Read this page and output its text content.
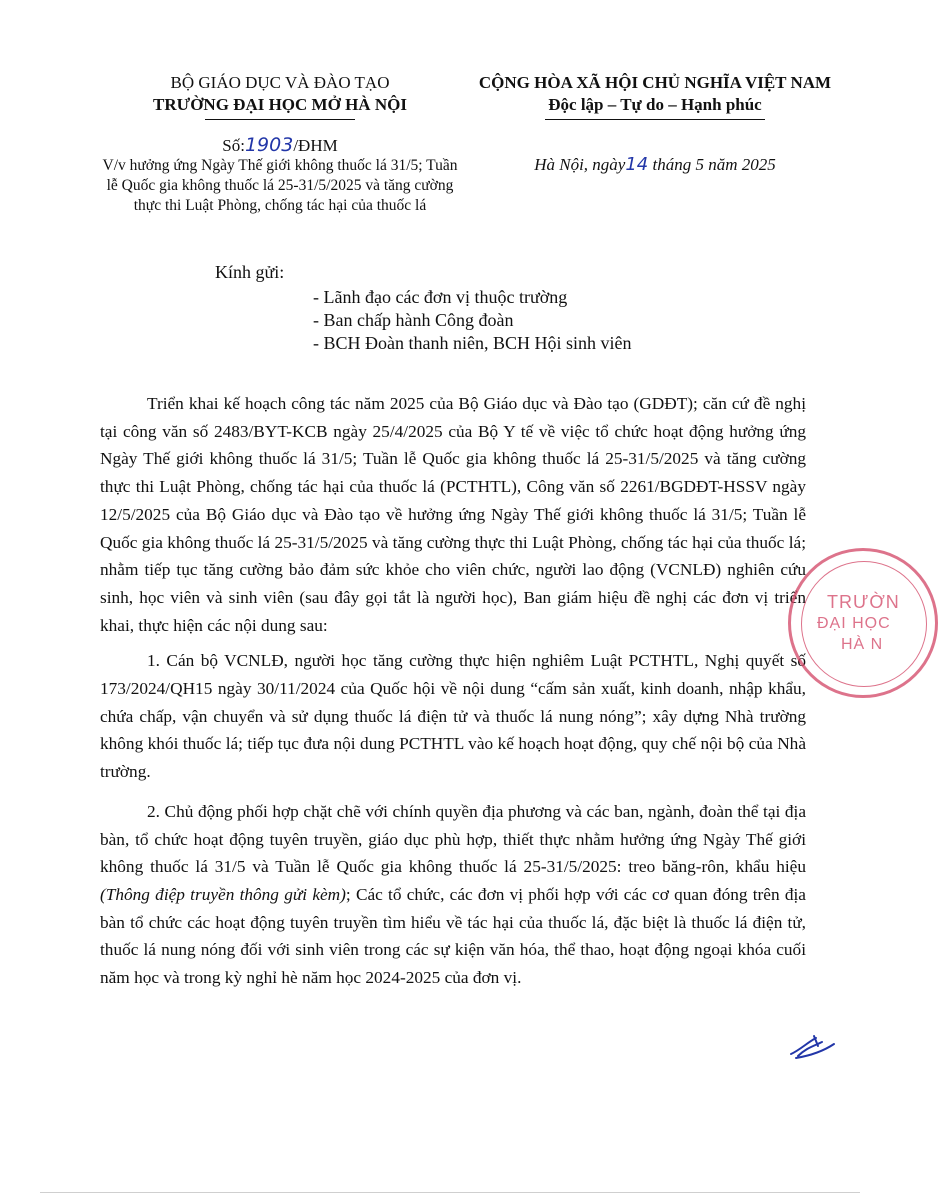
BỘ GIÁO DỤC VÀ ĐÀO TẠO
TRƯỜNG ĐẠI HỌC MỞ HÀ NỘI
CỘNG HÒA XÃ HỘI CHỦ NGHĨA VIỆT NAM
Độc lập – Tự do – Hạnh phúc
Số:1903/ĐHM
V/v hưởng ứng Ngày Thế giới không thuốc lá 31/5; Tuần lễ Quốc gia không thuốc lá 25-31/5/2025 và tăng cường thực thi Luật Phòng, chống tác hại của thuốc lá
Hà Nội, ngày14 tháng 5 năm 2025
Kính gửi:
- Lãnh đạo các đơn vị thuộc trường
- Ban chấp hành Công đoàn
- BCH Đoàn thanh niên, BCH Hội sinh viên

Triển khai kế hoạch công tác năm 2025 của Bộ Giáo dục và Đào tạo (GDĐT); căn cứ đề nghị tại công văn số 2483/BYT-KCB ngày 25/4/2025 của Bộ Y tế về việc tổ chức hoạt động hưởng ứng Ngày Thế giới không thuốc lá 31/5; Tuần lễ Quốc gia không thuốc lá 25-31/5/2025 và tăng cường thực thi Luật Phòng, chống tác hại của thuốc lá (PCTHTL), Công văn số 2261/BGDĐT-HSSV ngày 12/5/2025 của Bộ Giáo dục và Đào tạo về hưởng ứng Ngày Thế giới không thuốc lá 31/5; Tuần lễ Quốc gia không thuốc lá 25-31/5/2025 và tăng cường thực thi Luật Phòng, chống tác hại của thuốc lá; nhằm tiếp tục tăng cường bảo đảm sức khỏe cho viên chức, người lao động (VCNLĐ) nghiên cứu sinh, học viên và sinh viên (sau đây gọi tắt là người học), Ban giám hiệu đề nghị các đơn vị triển khai, thực hiện các nội dung sau:

1. Cán bộ VCNLĐ, người học tăng cường thực hiện nghiêm Luật PCTHTL, Nghị quyết số 173/2024/QH15 ngày 30/11/2024 của Quốc hội về nội dung “cấm sản xuất, kinh doanh, nhập khẩu, chứa chấp, vận chuyển và sử dụng thuốc lá điện tử và thuốc lá nung nóng”; xây dựng Nhà trường không khói thuốc lá; tiếp tục đưa nội dung PCTHTL vào kế hoạch hoạt động, quy chế nội bộ của Nhà trường.

2. Chủ động phối hợp chặt chẽ với chính quyền địa phương và các ban, ngành, đoàn thể tại địa bàn, tổ chức hoạt động tuyên truyền, giáo dục phù hợp, thiết thực nhằm hưởng ứng Ngày Thế giới không thuốc lá 31/5 và Tuần lễ Quốc gia không thuốc lá 25-31/5/2025: treo băng-rôn, khẩu hiệu (Thông điệp truyền thông gửi kèm); Các tổ chức, các đơn vị phối hợp với các cơ quan đóng trên địa bàn tổ chức các hoạt động tuyên truyền tìm hiểu về tác hại của thuốc lá, đặc biệt là thuốc lá điện tử, thuốc lá nung nóng đối với sinh viên trong các sự kiện văn hóa, thể thao, hoạt động ngoại khóa cuối năm học và trong kỳ nghỉ hè năm học 2024-2025 của đơn vị.

TRƯỜN
ĐẠI HỌC
HÀ N
